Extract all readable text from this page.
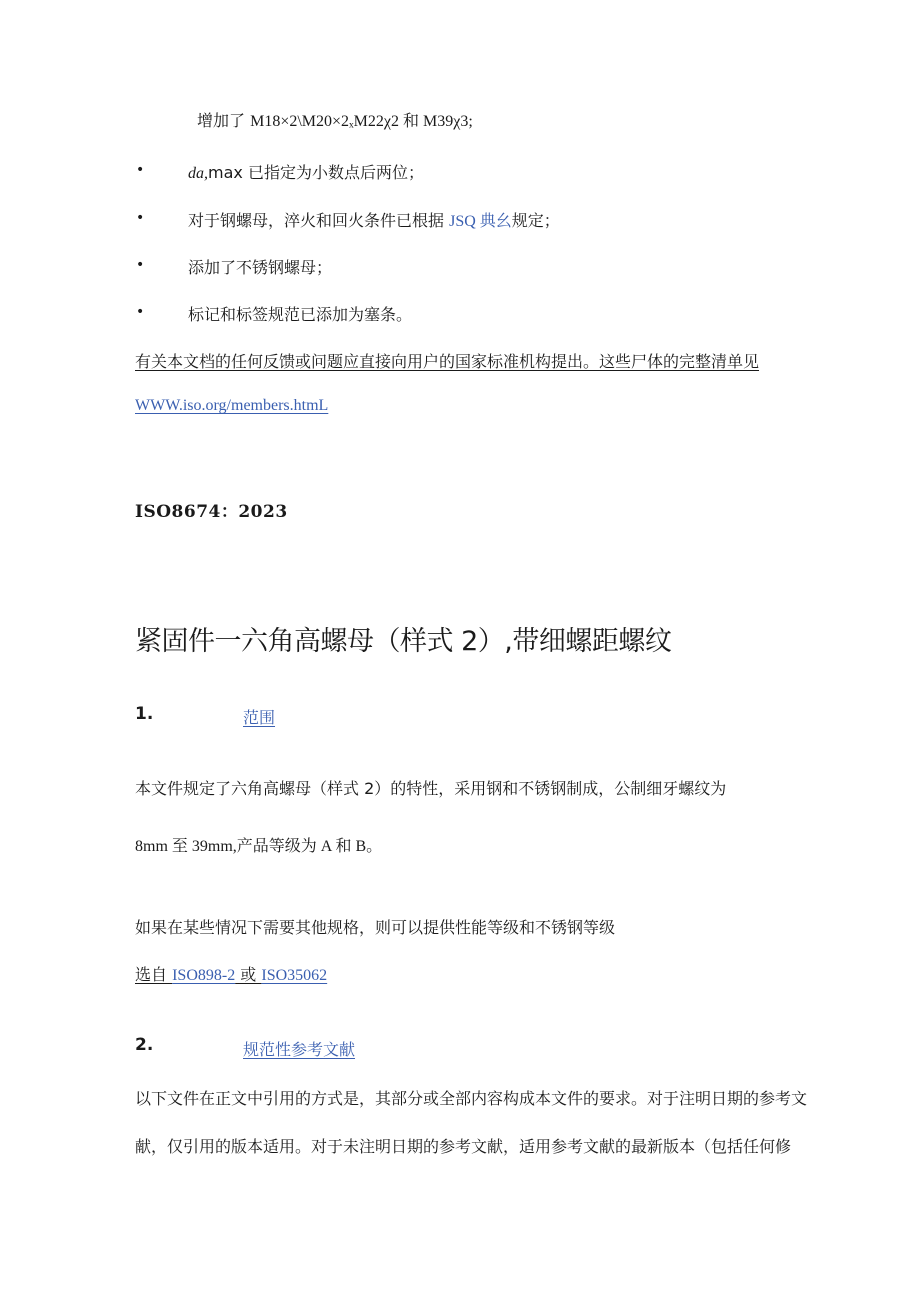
增加了 M18×2\M20×2ₓM22χ2 和 M39χ3;
•	da,max 已指定为小数点后两位；
•	对于钢螺母，淬火和回火条件已根据 JSQ 典幺规定；
•	添加了不锈钢螺母；
•	标记和标签规范已添加为塞条。
有关本文档的任何反馈或问题应直接向用户的国家标准机构提出。这些尸体的完整清单见
WWW.iso.org/members.htmL
ISO8674：2023
紧固件一六角高螺母（样式 2）,带细螺距螺纹
1.	范围
本文件规定了六角高螺母（样式 2）的特性，采用钢和不锈钢制成，公制细牙螺纹为
8mm 至 39mm,产品等级为 A 和 B。
如果在某些情况下需要其他规格，则可以提供性能等级和不锈钢等级
选自 ISO898-2 或 ISO35062
2.	规范性参考文献
以下文件在正文中引用的方式是，其部分或全部内容构成本文件的要求。对于注明日期的参考文
献，仅引用的版本适用。对于未注明日期的参考文献，适用参考文献的最新版本（包括任何修
